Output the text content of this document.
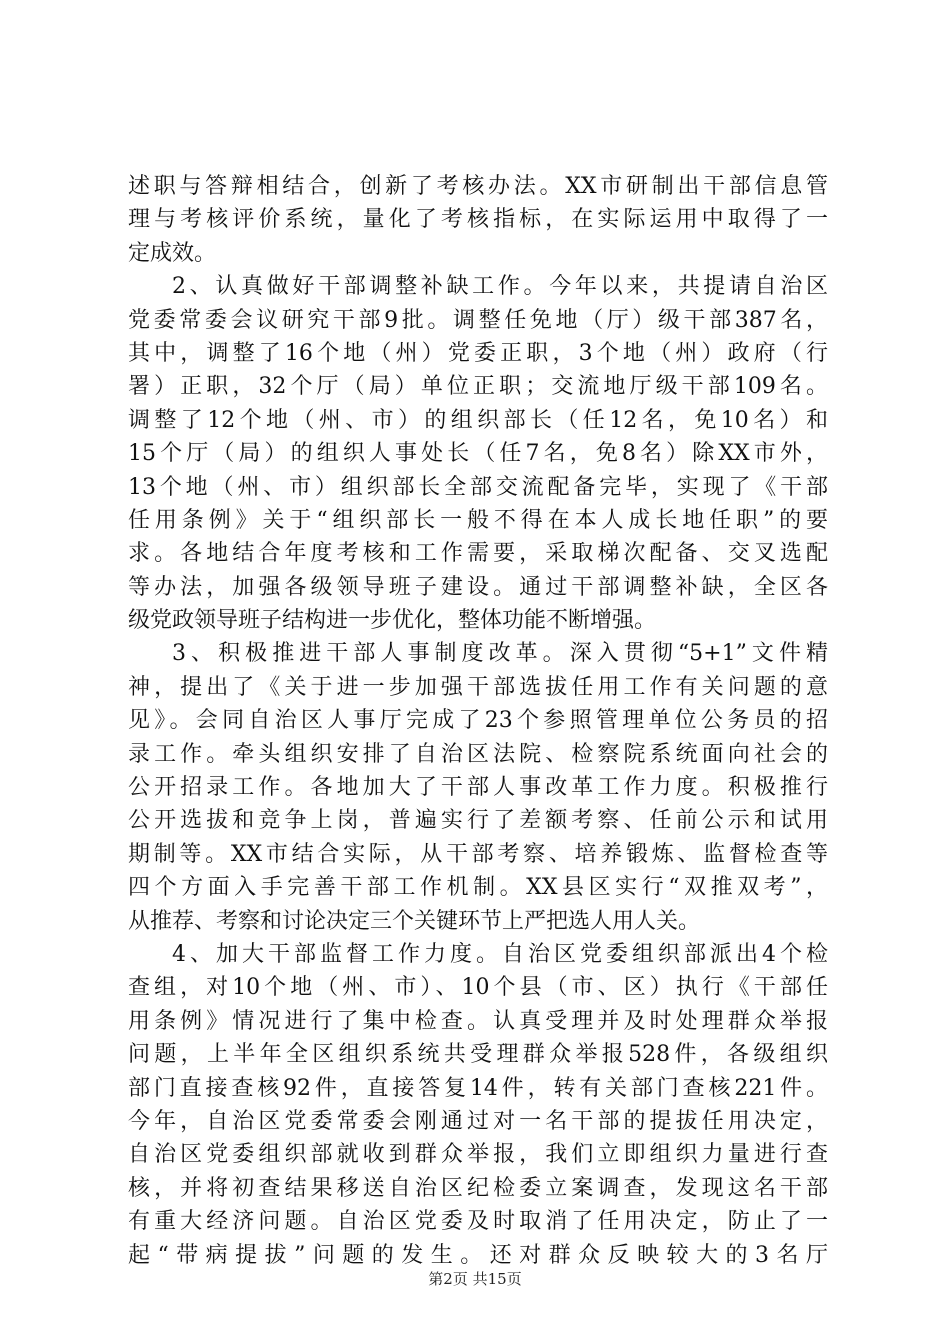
述职与答辩相结合，创新了考核办法。XX市研制出干部信息管
理与考核评价系统，量化了考核指标，在实际运用中取得了一
定成效。
2、认真做好干部调整补缺工作。今年以来，共提请自治区
党委常委会议研究干部9批。调整任免地（厅）级干部387名，
其中，调整了16个地（州）党委正职，3个地（州）政府（行
署）正职，32个厅（局）单位正职；交流地厅级干部109名。
调整了12个地（州、市）的组织部长（任12名，免10名）和
15个厅（局）的组织人事处长（任7名，免8名）除XX市外，
13个地（州、市）组织部长全部交流配备完毕，实现了《干部
任用条例》关于“组织部长一般不得在本人成长地任职”的要
求。各地结合年度考核和工作需要，采取梯次配备、交叉选配
等办法，加强各级领导班子建设。通过干部调整补缺，全区各
级党政领导班子结构进一步优化，整体功能不断增强。
3、积极推进干部人事制度改革。深入贯彻“5+1”文件精
神，提出了《关于进一步加强干部选拔任用工作有关问题的意
见》。会同自治区人事厅完成了23个参照管理单位公务员的招
录工作。牵头组织安排了自治区法院、检察院系统面向社会的
公开招录工作。各地加大了干部人事改革工作力度。积极推行
公开选拔和竞争上岗，普遍实行了差额考察、任前公示和试用
期制等。XX市结合实际，从干部考察、培养锻炼、监督检查等
四个方面入手完善干部工作机制。XX县区实行“双推双考”，
从推荐、考察和讨论决定三个关键环节上严把选人用人关。
4、加大干部监督工作力度。自治区党委组织部派出4个检
查组，对10个地（州、市）、10个县（市、区）执行《干部任
用条例》情况进行了集中检查。认真受理并及时处理群众举报
问题，上半年全区组织系统共受理群众举报528件，各级组织
部门直接查核92件，直接答复14件，转有关部门查核221件。
今年，自治区党委常委会刚通过对一名干部的提拔任用决定，
自治区党委组织部就收到群众举报，我们立即组织力量进行查
核，并将初查结果移送自治区纪检委立案调查，发现这名干部
有重大经济问题。自治区党委及时取消了任用决定，防止了一
起“带病提拔”问题的发生。还对群众反映较大的3名厅
第2页 共15页
